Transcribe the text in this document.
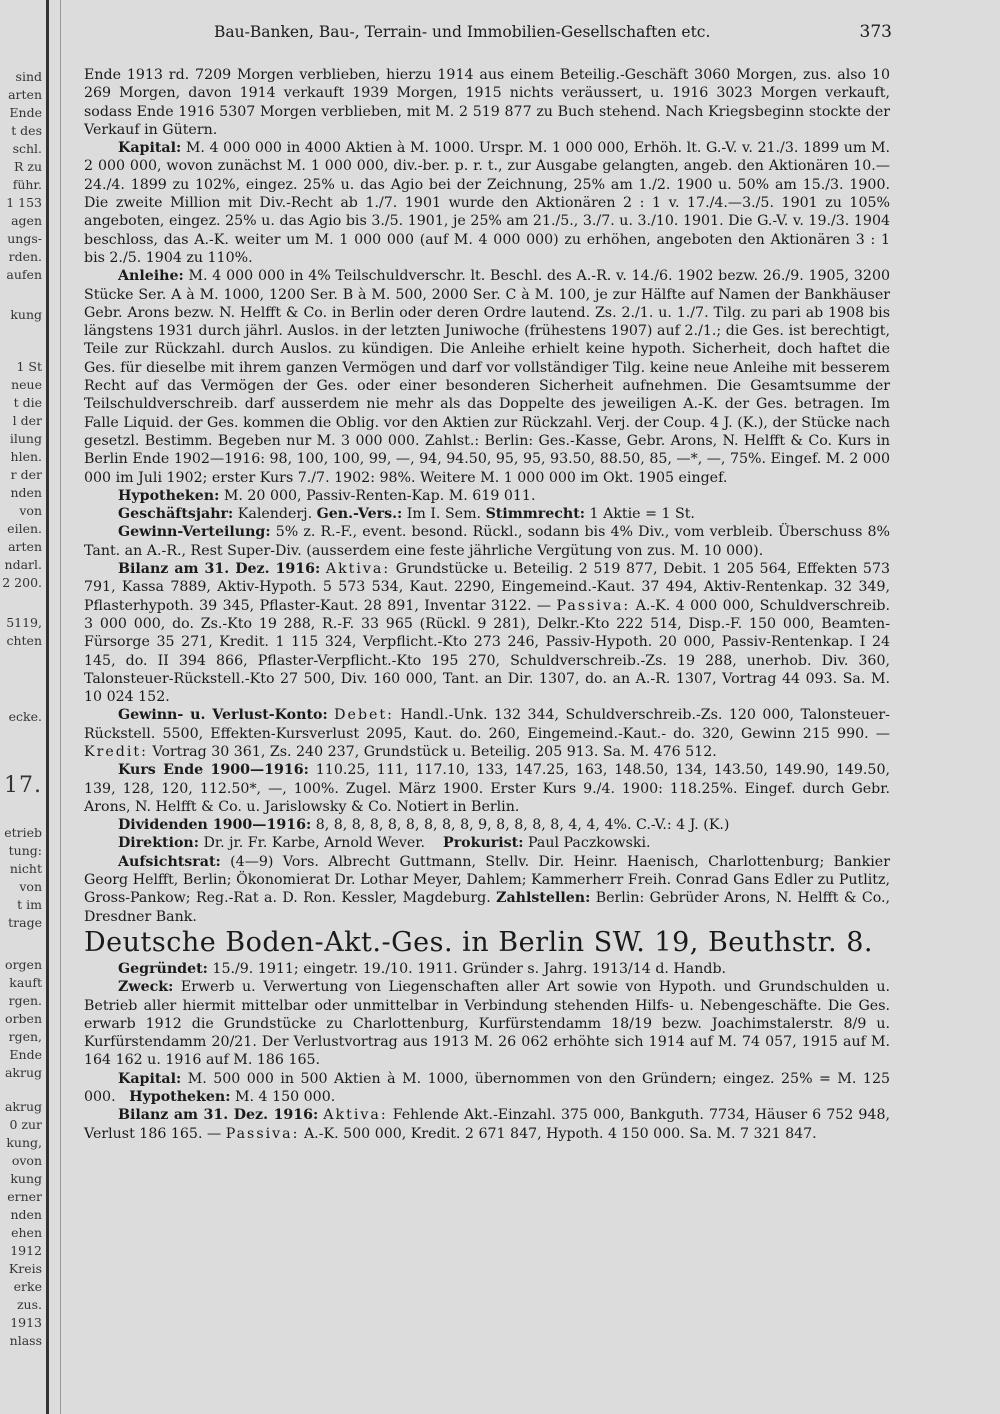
sind
arten
Ende
t des
schl.
R zu
führ.
1 153
agen
ungs-
rden.
aufen
kung
1 St
neue
t die
l der
ilung
hlen.
r der
nden
von
eilen.
arten
ndarl.
2 200.
5119,
chten
ecke.
17.
etrieb
tung:
nicht
von
t im
trage
orgen
kauft
rgen.
orben
rgen,
Ende
akrug
akrug
0 zur
kung,
ovon
kung
erner
nden
ehen
1912
Kreis
erke
zus.
1913
nlass
Bau-Banken, Bau-, Terrain- und Immobilien-Gesellschaften etc.	373

Ende 1913 rd. 7209 Morgen verblieben, hierzu 1914 aus einem Beteilig.-Geschäft 3060 Morgen, zus. also 10 269 Morgen, davon 1914 verkauft 1939 Morgen, 1915 nichts veräussert, u. 1916 3023 Morgen verkauft, sodass Ende 1916 5307 Morgen verblieben, mit M. 2 519 877 zu Buch stehend. Nach Kriegsbeginn stockte der Verkauf in Gütern.

Kapital: M. 4 000 000 in 4000 Aktien à M. 1000. Urspr. M. 1 000 000, Erhöh. lt. G.-V. v. 21./3. 1899 um M. 2 000 000, wovon zunächst M. 1 000 000, div.-ber. p. r. t., zur Ausgabe gelangten, angeb. den Aktionären 10.—24./4. 1899 zu 102%, eingez. 25% u. das Agio bei der Zeichnung, 25% am 1./2. 1900 u. 50% am 15./3. 1900. Die zweite Million mit Div.-Recht ab 1./7. 1901 wurde den Aktionären 2 : 1 v. 17./4.—3./5. 1901 zu 105% angeboten, eingez. 25% u. das Agio bis 3./5. 1901, je 25% am 21./5., 3./7. u. 3./10. 1901. Die G.-V. v. 19./3. 1904 beschloss, das A.-K. weiter um M. 1 000 000 (auf M. 4 000 000) zu erhöhen, angeboten den Aktionären 3 : 1 bis 2./5. 1904 zu 110%.

Anleihe: M. 4 000 000 in 4% Teilschuldverschr. lt. Beschl. des A.-R. v. 14./6. 1902 bezw. 26./9. 1905, 3200 Stücke Ser. A à M. 1000, 1200 Ser. B à M. 500, 2000 Ser. C à M. 100, je zur Hälfte auf Namen der Bankhäuser Gebr. Arons bezw. N. Helfft & Co. in Berlin oder deren Ordre lautend. Zs. 2./1. u. 1./7. Tilg. zu pari ab 1908 bis längstens 1931 durch jährl. Auslos. in der letzten Juniwoche (frühestens 1907) auf 2./1.; die Ges. ist berechtigt, Teile zur Rückzahl. durch Auslos. zu kündigen. Die Anleihe erhielt keine hypoth. Sicherheit, doch haftet die Ges. für dieselbe mit ihrem ganzen Vermögen und darf vor vollständiger Tilg. keine neue Anleihe mit besserem Recht auf das Vermögen der Ges. oder einer besonderen Sicherheit aufnehmen. Die Gesamtsumme der Teilschuldverschreib. darf ausserdem nie mehr als das Doppelte des jeweiligen A.-K. der Ges. betragen. Im Falle Liquid. der Ges. kommen die Oblig. vor den Aktien zur Rückzahl. Verj. der Coup. 4 J. (K.), der Stücke nach gesetzl. Bestimm. Begeben nur M. 3 000 000. Zahlst.: Berlin: Ges.-Kasse, Gebr. Arons, N. Helfft & Co. Kurs in Berlin Ende 1902—1916: 98, 100, 100, 99, —, 94, 94.50, 95, 95, 93.50, 88.50, 85, —*, —, 75%. Eingef. M. 2 000 000 im Juli 1902; erster Kurs 7./7. 1902: 98%. Weitere M. 1 000 000 im Okt. 1905 eingef.

Hypotheken: M. 20 000, Passiv-Renten-Kap. M. 619 011.

Geschäftsjahr: Kalenderj. Gen.-Vers.: Im I. Sem. Stimmrecht: 1 Aktie = 1 St.

Gewinn-Verteilung: 5% z. R.-F., event. besond. Rückl., sodann bis 4% Div., vom verbleib. Überschuss 8% Tant. an A.-R., Rest Super-Div. (ausserdem eine feste jährliche Vergütung von zus. M. 10 000).

Bilanz am 31. Dez. 1916: Aktiva: Grundstücke u. Beteilig. 2 519 877, Debit. 1 205 564, Effekten 573 791, Kassa 7889, Aktiv-Hypoth. 5 573 534, Kaut. 2290, Eingemeind.-Kaut. 37 494, Aktiv-Rentenkap. 32 349, Pflasterhypoth. 39 345, Pflaster-Kaut. 28 891, Inventar 3122. — Passiva: A.-K. 4 000 000, Schuldverschreib. 3 000 000, do. Zs.-Kto 19 288, R.-F. 33 965 (Rückl. 9 281), Delkr.-Kto 222 514, Disp.-F. 150 000, Beamten-Fürsorge 35 271, Kredit. 1 115 324, Verpflicht.-Kto 273 246, Passiv-Hypoth. 20 000, Passiv-Rentenkap. I 24 145, do. II 394 866, Pflaster-Verpflicht.-Kto 195 270, Schuldverschreib.-Zs. 19 288, unerhob. Div. 360, Talonsteuer-Rückstell.-Kto 27 500, Div. 160 000, Tant. an Dir. 1307, do. an A.-R. 1307, Vortrag 44 093. Sa. M. 10 024 152.

Gewinn- u. Verlust-Konto: Debet: Handl.-Unk. 132 344, Schuldverschreib.-Zs. 120 000, Talonsteuer-Rückstell. 5500, Effekten-Kursverlust 2095, Kaut. do. 260, Eingemeind.-Kaut.- do. 320, Gewinn 215 990. — Kredit: Vortrag 30 361, Zs. 240 237, Grundstück u. Beteilig. 205 913. Sa. M. 476 512.

Kurs Ende 1900—1916: 110.25, 111, 117.10, 133, 147.25, 163, 148.50, 134, 143.50, 149.90, 149.50, 139, 128, 120, 112.50*, —, 100%. Zugel. März 1900. Erster Kurs 9./4. 1900: 118.25%. Eingef. durch Gebr. Arons, N. Helfft & Co. u. Jarislowsky & Co. Notiert in Berlin.

Dividenden 1900—1916: 8, 8, 8, 8, 8, 8, 8, 8, 8, 9, 8, 8, 8, 8, 4, 4, 4%. C.-V.: 4 J. (K.)

Direktion: Dr. jr. Fr. Karbe, Arnold Wever. Prokurist: Paul Paczkowski.

Aufsichtsrat: (4—9) Vors. Albrecht Guttmann, Stellv. Dir. Heinr. Haenisch, Charlottenburg; Bankier Georg Helfft, Berlin; Ökonomierat Dr. Lothar Meyer, Dahlem; Kammerherr Freih. Conrad Gans Edler zu Putlitz, Gross-Pankow; Reg.-Rat a. D. Ron. Kessler, Magdeburg. Zahlstellen: Berlin: Gebrüder Arons, N. Helfft & Co., Dresdner Bank.

Deutsche Boden-Akt.-Ges. in Berlin SW. 19, Beuthstr. 8.

Gegründet: 15./9. 1911; eingetr. 19./10. 1911. Gründer s. Jahrg. 1913/14 d. Handb.

Zweck: Erwerb u. Verwertung von Liegenschaften aller Art sowie von Hypoth. und Grundschulden u. Betrieb aller hiermit mittelbar oder unmittelbar in Verbindung stehenden Hilfs- u. Nebengeschäfte. Die Ges. erwarb 1912 die Grundstücke zu Charlottenburg, Kurfürstendamm 18/19 bezw. Joachimstalerstr. 8/9 u. Kurfürstendamm 20/21. Der Verlustvortrag aus 1913 M. 26 062 erhöhte sich 1914 auf M. 74 057, 1915 auf M. 164 162 u. 1916 auf M. 186 165.

Kapital: M. 500 000 in 500 Aktien à M. 1000, übernommen von den Gründern; eingez. 25% = M. 125 000. Hypotheken: M. 4 150 000.

Bilanz am 31. Dez. 1916: Aktiva: Fehlende Akt.-Einzahl. 375 000, Bankguth. 7734, Häuser 6 752 948, Verlust 186 165. — Passiva: A.-K. 500 000, Kredit. 2 671 847, Hypoth. 4 150 000. Sa. M. 7 321 847.
